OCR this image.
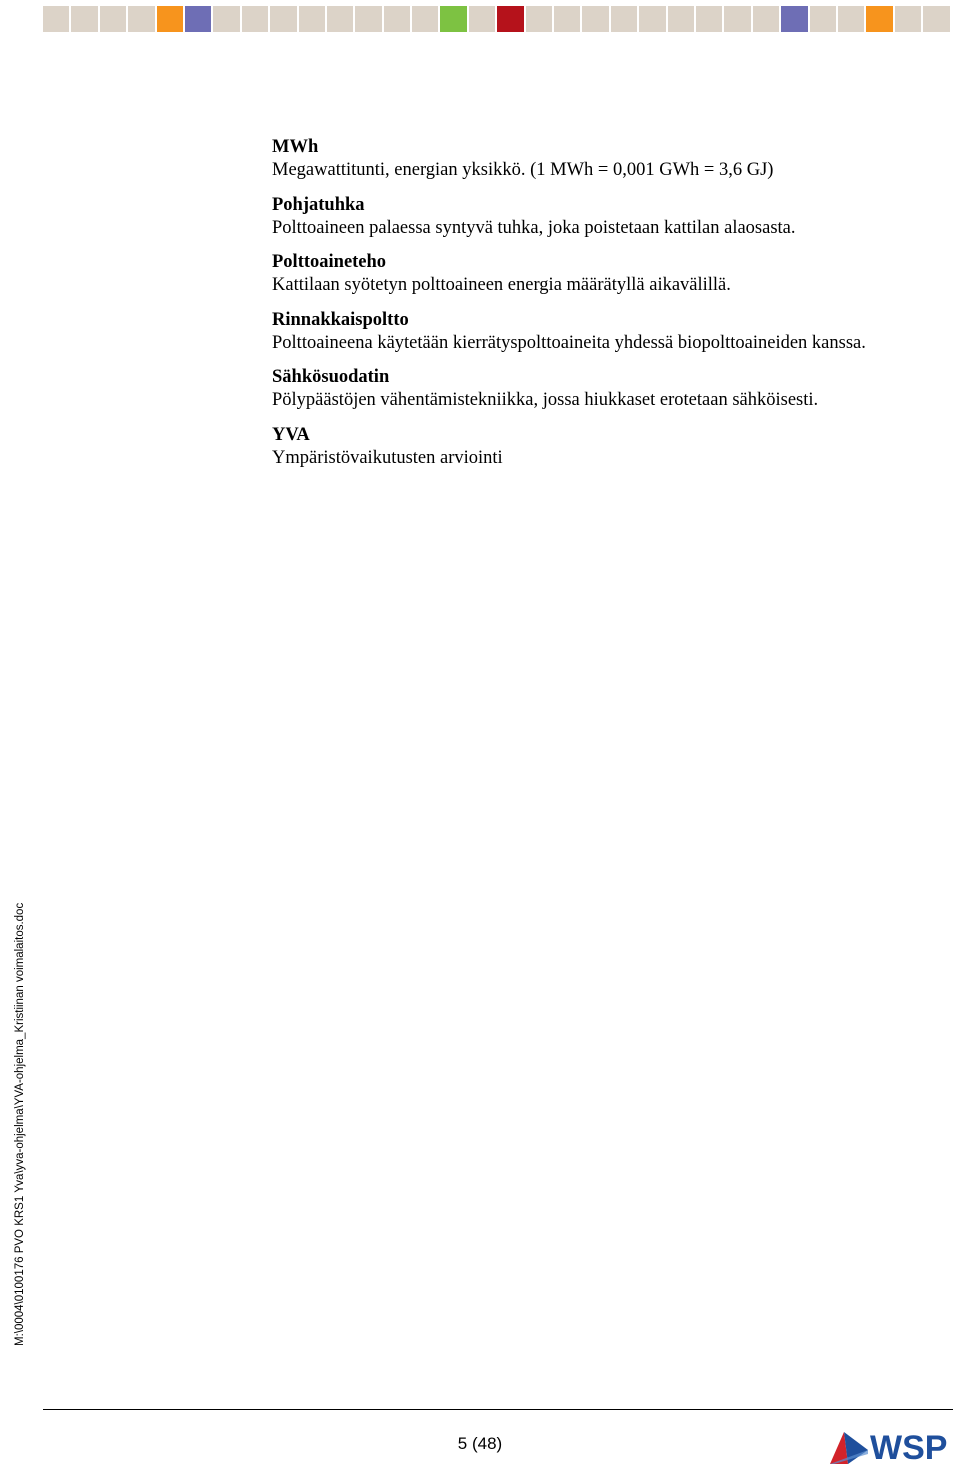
MWh
Megawattitunti, energian yksikkö. (1 MWh = 0,001 GWh = 3,6 GJ)
Pohjatuhka
Polttoaineen palaessa syntyvä tuhka, joka poistetaan kattilan alaosasta.
Polttoaineteho
Kattilaan syötetyn polttoaineen energia määrätyllä aikavälillä.
Rinnakkaispoltto
Polttoaineena käytetään kierrätyspolttoaineita yhdessä biopolttoaineiden kanssa.
Sähkösuodatin
Pölypäästöjen vähentämistekniikka, jossa hiukkaset erotetaan sähköisesti.
YVA
Ympäristövaikutusten arviointi
M:\0004\0100176 PVO KRS1 Yva\yva-ohjelma\YVA-ohjelma_Kristiinan voimalaitos.doc
5 (48)	WSP
